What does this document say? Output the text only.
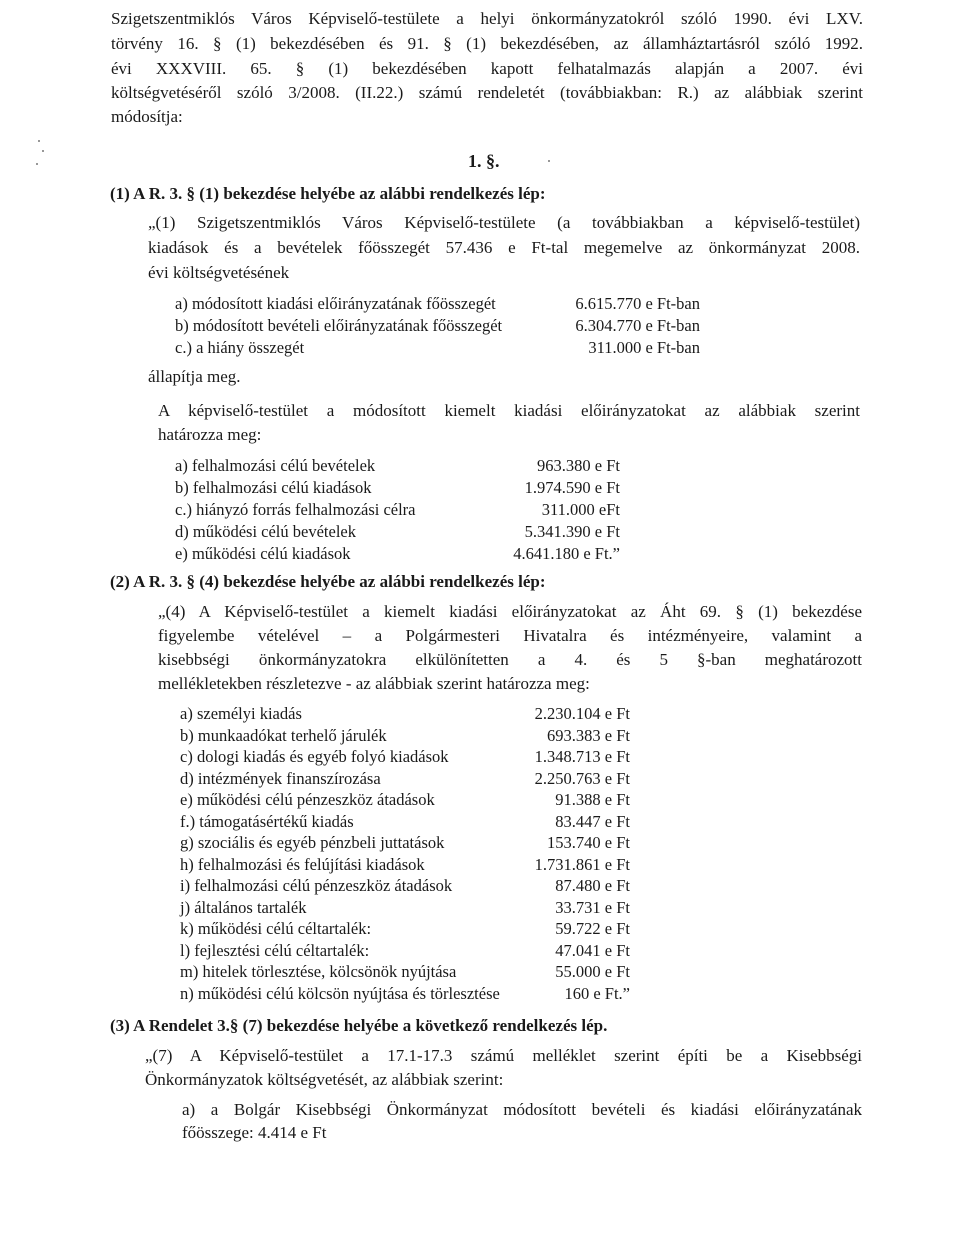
Szigetszentmiklós Város Képviselő-testülete a helyi önkormányzatokról szóló 1990. évi LXV.
törvény 16. § (1) bekezdésében és 91. § (1) bekezdésében, az államháztartásról szóló 1992.
évi XXXVIII. 65. § (1) bekezdésében kapott felhatalmazás alapján a 2007. évi
költségvetéséről szóló 3/2008. (II.22.) számú rendeletét (továbbiakban: R.) az alábbiak szerint
módosítja:
1. §.
(1) A R. 3. § (1) bekezdése helyébe az alábbi rendelkezés lép:
„(1) Szigetszentmiklós Város Képviselő-testülete (a továbbiakban a képviselő-testület)
kiadások és a bevételek főösszegét 57.436 e Ft-tal megemelve az önkormányzat 2008.
évi költségvetésének
a) módosított kiadási előirányzatának főösszegét	6.615.770 e Ft-ban
b) módosított bevételi előirányzatának főösszegét	6.304.770 e Ft-ban
c.) a hiány összegét	311.000 e Ft-ban
állapítja meg.
A képviselő-testület a módosított kiemelt kiadási előirányzatokat az alábbiak szerint
határozza meg:
a) felhalmozási célú bevételek	963.380 e Ft
b) felhalmozási célú kiadások	1.974.590 e Ft
c.) hiányzó forrás felhalmozási célra	311.000 eFt
d) működési célú bevételek	5.341.390 e Ft
e) működési célú kiadások	4.641.180 e Ft.”
(2) A R. 3. § (4) bekezdése helyébe az alábbi rendelkezés lép:
„(4) A Képviselő-testület a kiemelt kiadási előirányzatokat az Áht 69. § (1) bekezdése
figyelembe vételével – a Polgármesteri Hivatalra és intézményeire, valamint a
kisebbségi önkormányzatokra elkülönítetten a 4. és 5 §-ban meghatározott
mellékletekben részletezve - az alábbiak szerint határozza meg:
a) személyi kiadás	2.230.104 e Ft
b) munkaadókat terhelő járulék	693.383 e Ft
c) dologi kiadás és egyéb folyó kiadások	1.348.713 e Ft
d) intézmények finanszírozása	2.250.763 e Ft
e) működési célú pénzeszköz átadások	91.388 e Ft
f.) támogatásértékű kiadás	83.447 e Ft
g) szociális és egyéb pénzbeli juttatások	153.740 e Ft
h) felhalmozási és felújítási kiadások	1.731.861 e Ft
i) felhalmozási célú pénzeszköz átadások	87.480 e Ft
j) általános tartalék	33.731 e Ft
k) működési célú céltartalék:	59.722 e Ft
l) fejlesztési célú céltartalék:	47.041 e Ft
m) hitelek törlesztése, kölcsönök nyújtása	55.000 e Ft
n) működési célú kölcsön nyújtása és törlesztése	160 e Ft.”
(3) A Rendelet 3.§ (7) bekezdése helyébe a következő rendelkezés lép.
„(7) A Képviselő-testület a 17.1-17.3 számú melléklet szerint építi be a Kisebbségi
Önkormányzatok költségvetését, az alábbiak szerint:
a) a Bolgár Kisebbségi Önkormányzat módosított bevételi és kiadási előirányzatának
főösszege: 4.414 e Ft
